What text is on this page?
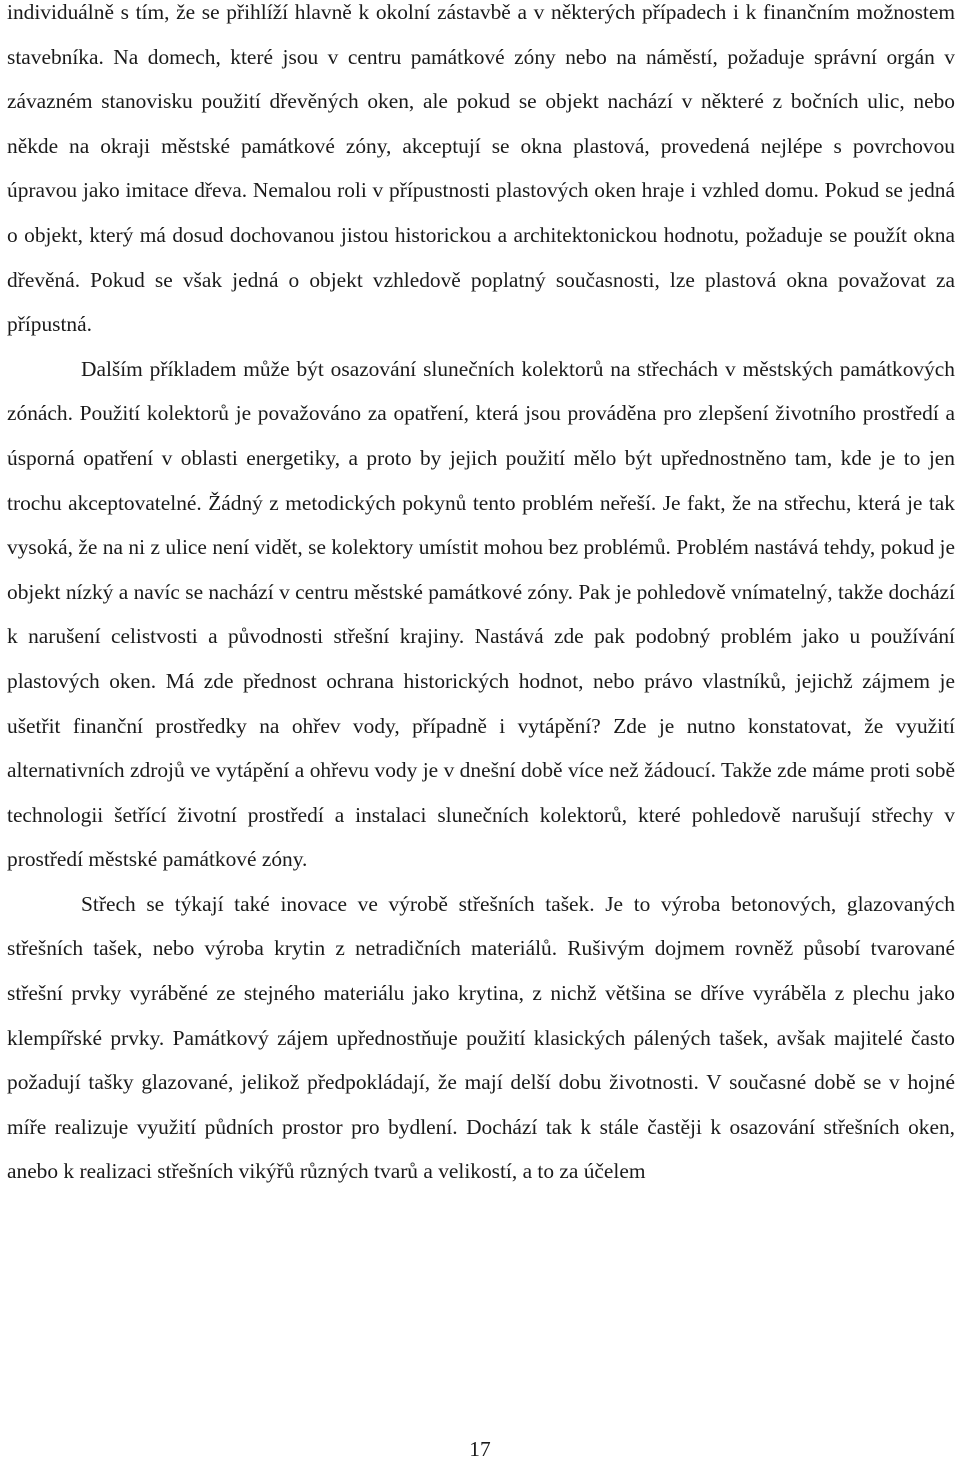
individuálně s tím, že se přihlíží hlavně k okolní zástavbě a v některých případech i k finančním možnostem stavebníka. Na domech, které jsou v centru památkové zóny nebo na náměstí, požaduje správní orgán v závazném stanovisku použití dřevěných oken, ale pokud se objekt nachází v některé z bočních ulic, nebo někde na okraji městské památkové zóny, akceptují se okna plastová, provedená nejlépe s povrchovou úpravou jako imitace dřeva. Nemalou roli v přípustnosti plastových oken hraje i vzhled domu. Pokud se jedná o objekt, který má dosud dochovanou jistou historickou a architektonickou hodnotu, požaduje se použít okna dřevěná. Pokud se však jedná o objekt vzhledově poplatný současnosti, lze plastová okna považovat za přípustná.

Dalším příkladem může být osazování slunečních kolektorů na střechách v městských památkových zónách. Použití kolektorů je považováno za opatření, která jsou prováděna pro zlepšení životního prostředí a úsporná opatření v oblasti energetiky, a proto by jejich použití mělo být upřednostněno tam, kde je to jen trochu akceptovatelné. Žádný z metodických pokynů tento problém neřeší. Je fakt, že na střechu, která je tak vysoká, že na ni z ulice není vidět, se kolektory umístit mohou bez problémů. Problém nastává tehdy, pokud je objekt nízký a navíc se nachází v centru městské památkové zóny. Pak je pohledově vnímatelný, takže dochází k narušení celistvosti a původnosti střešní krajiny. Nastává zde pak podobný problém jako u používání plastových oken. Má zde přednost ochrana historických hodnot, nebo právo vlastníků, jejichž zájmem je ušetřit finanční prostředky na ohřev vody, případně i vytápění? Zde je nutno konstatovat, že využití alternativních zdrojů ve vytápění a ohřevu vody je v dnešní době více než žádoucí. Takže zde máme proti sobě technologii šetřící životní prostředí a instalaci slunečních kolektorů, které pohledově narušují střechy v prostředí městské památkové zóny.

Střech se týkají také inovace ve výrobě střešních tašek. Je to výroba betonových, glazovaných střešních tašek, nebo výroba krytin z netradičních materiálů. Rušivým dojmem rovněž působí tvarované střešní prvky vyráběné ze stejného materiálu jako krytina, z nichž většina se dříve vyráběla z plechu jako klempířské prvky. Památkový zájem upřednostňuje použití klasických pálených tašek, avšak majitelé často požadují tašky glazované, jelikož předpokládají, že mají delší dobu životnosti. V současné době se v hojné míře realizuje využití půdních prostor pro bydlení. Dochází tak k stále častěji k osazování střešních oken, anebo k realizaci střešních vikýřů různých tvarů a velikostí, a to za účelem

17
